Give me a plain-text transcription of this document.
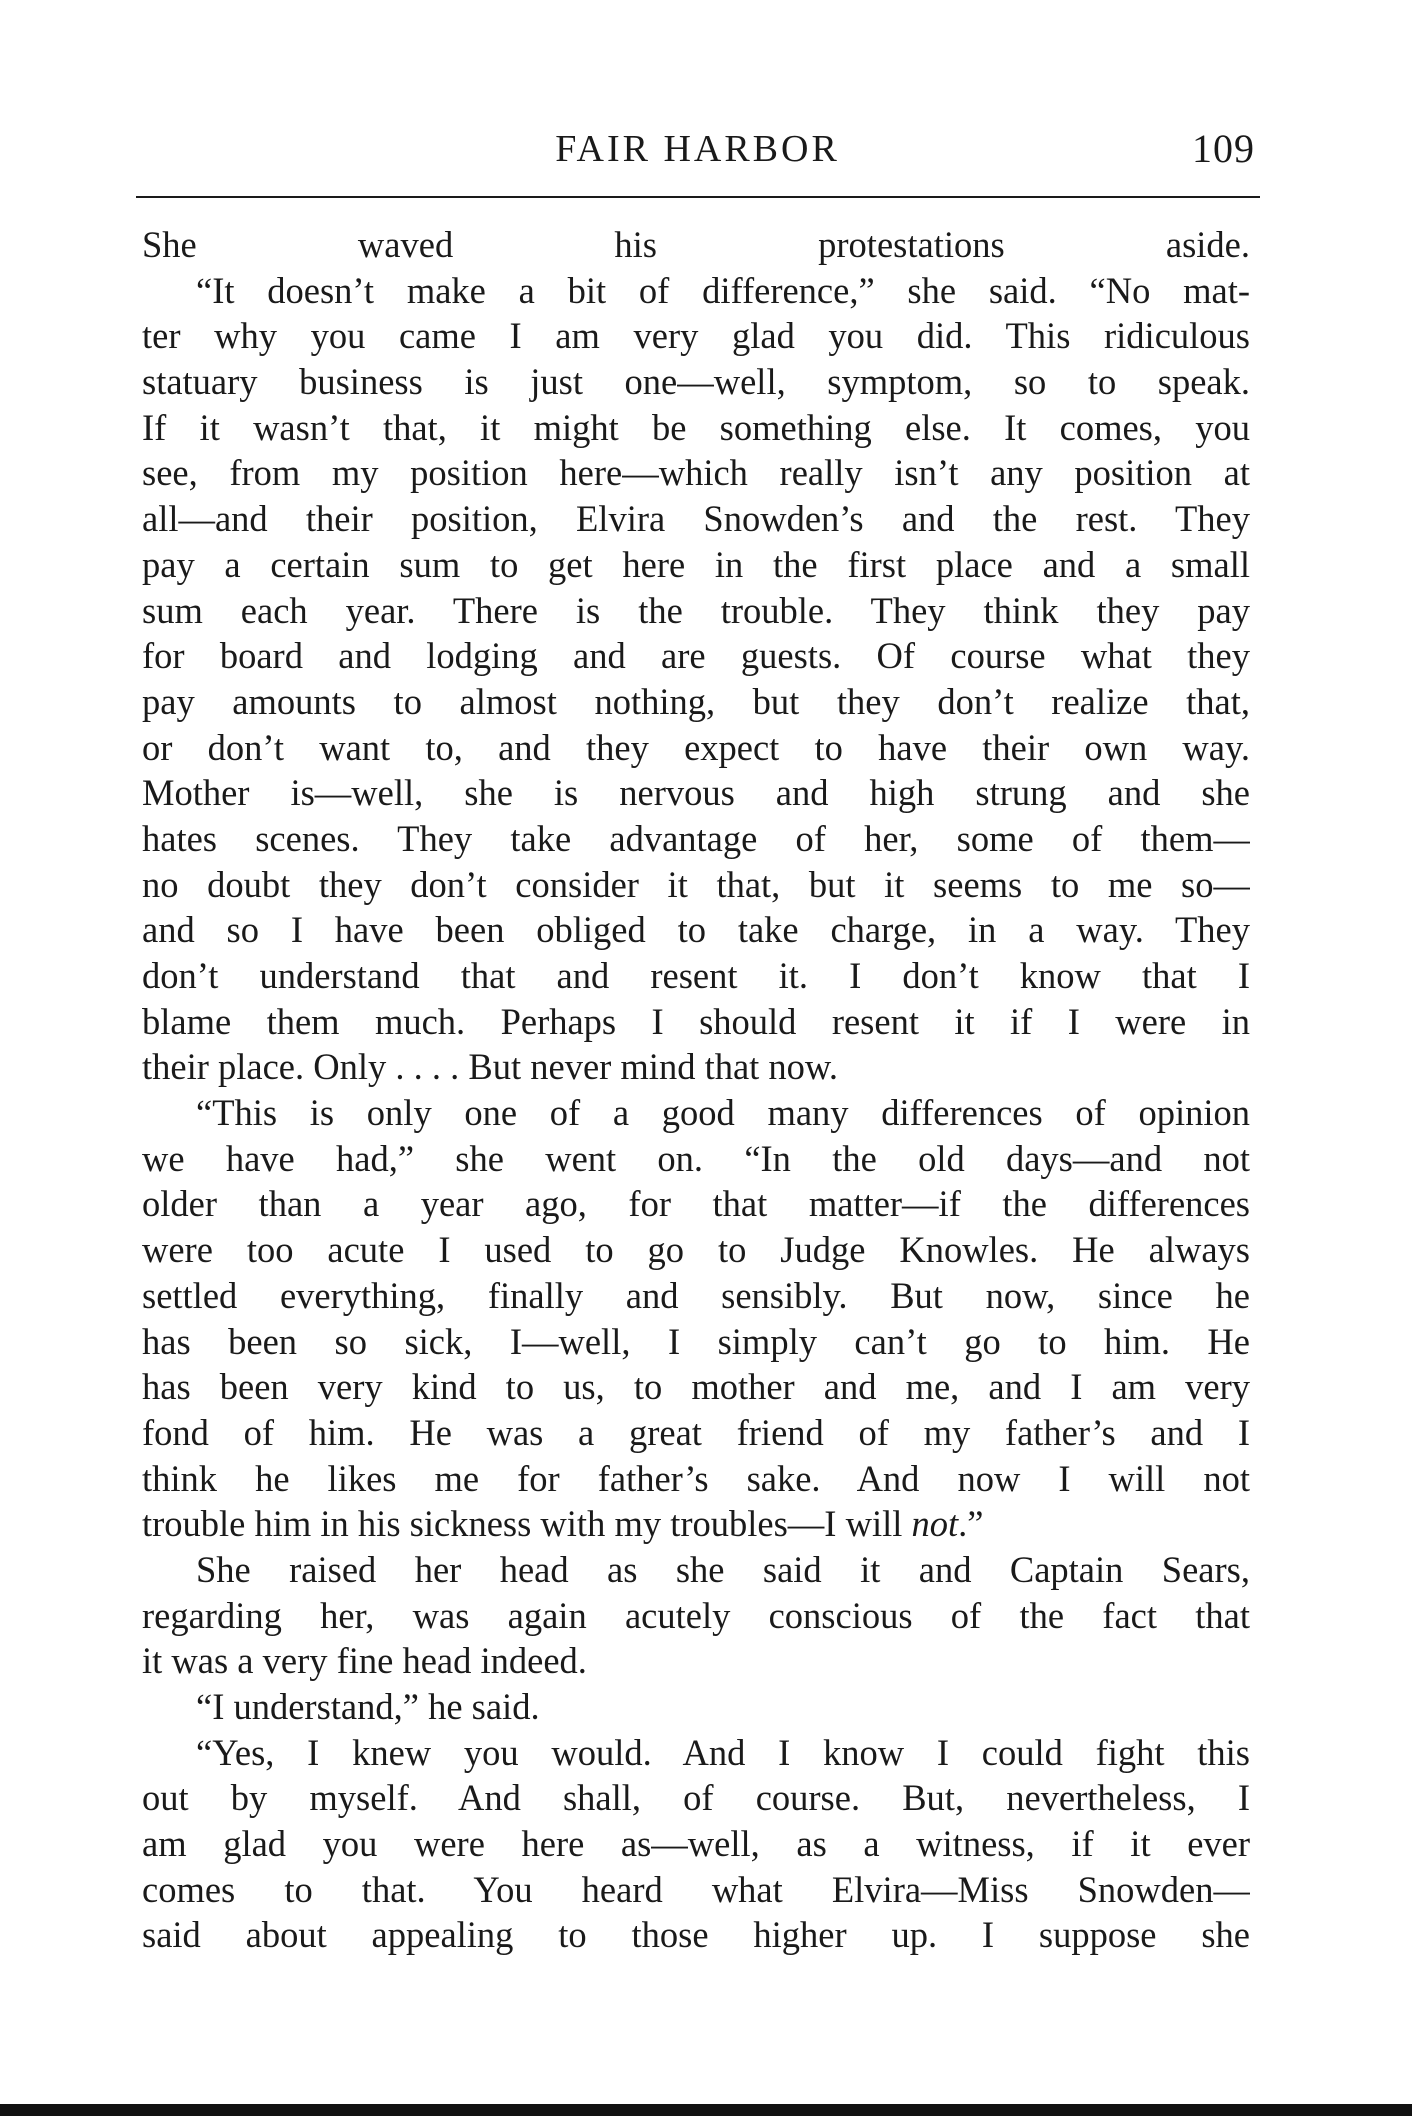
FAIR HARBOR	109
She waved his protestations aside.
“It doesn’t make a bit of difference,” she said. “No mat-
ter why you came I am very glad you did. This ridiculous
statuary business is just one—well, symptom, so to speak.
If it wasn’t that, it might be something else. It comes, you
see, from my position here—which really isn’t any position at
all—and their position, Elvira Snowden’s and the rest. They
pay a certain sum to get here in the first place and a small
sum each year. There is the trouble. They think they pay
for board and lodging and are guests. Of course what they
pay amounts to almost nothing, but they don’t realize that,
or don’t want to, and they expect to have their own way.
Mother is—well, she is nervous and high strung and she
hates scenes. They take advantage of her, some of them—
no doubt they don’t consider it that, but it seems to me so—
and so I have been obliged to take charge, in a way. They
don’t understand that and resent it. I don’t know that I
blame them much. Perhaps I should resent it if I were in
their place. Only . . . . But never mind that now.
“This is only one of a good many differences of opinion
we have had,” she went on. “In the old days—and not
older than a year ago, for that matter—if the differences
were too acute I used to go to Judge Knowles. He always
settled everything, finally and sensibly. But now, since he
has been so sick, I—well, I simply can’t go to him. He
has been very kind to us, to mother and me, and I am very
fond of him. He was a great friend of my father’s and I
think he likes me for father’s sake. And now I will not
trouble him in his sickness with my troubles—I will not.”
She raised her head as she said it and Captain Sears,
regarding her, was again acutely conscious of the fact that
it was a very fine head indeed.
“I understand,” he said.
“Yes, I knew you would. And I know I could fight this
out by myself. And shall, of course. But, nevertheless, I
am glad you were here as—well, as a witness, if it ever
comes to that. You heard what Elvira—Miss Snowden—
said about appealing to those higher up. I suppose she
